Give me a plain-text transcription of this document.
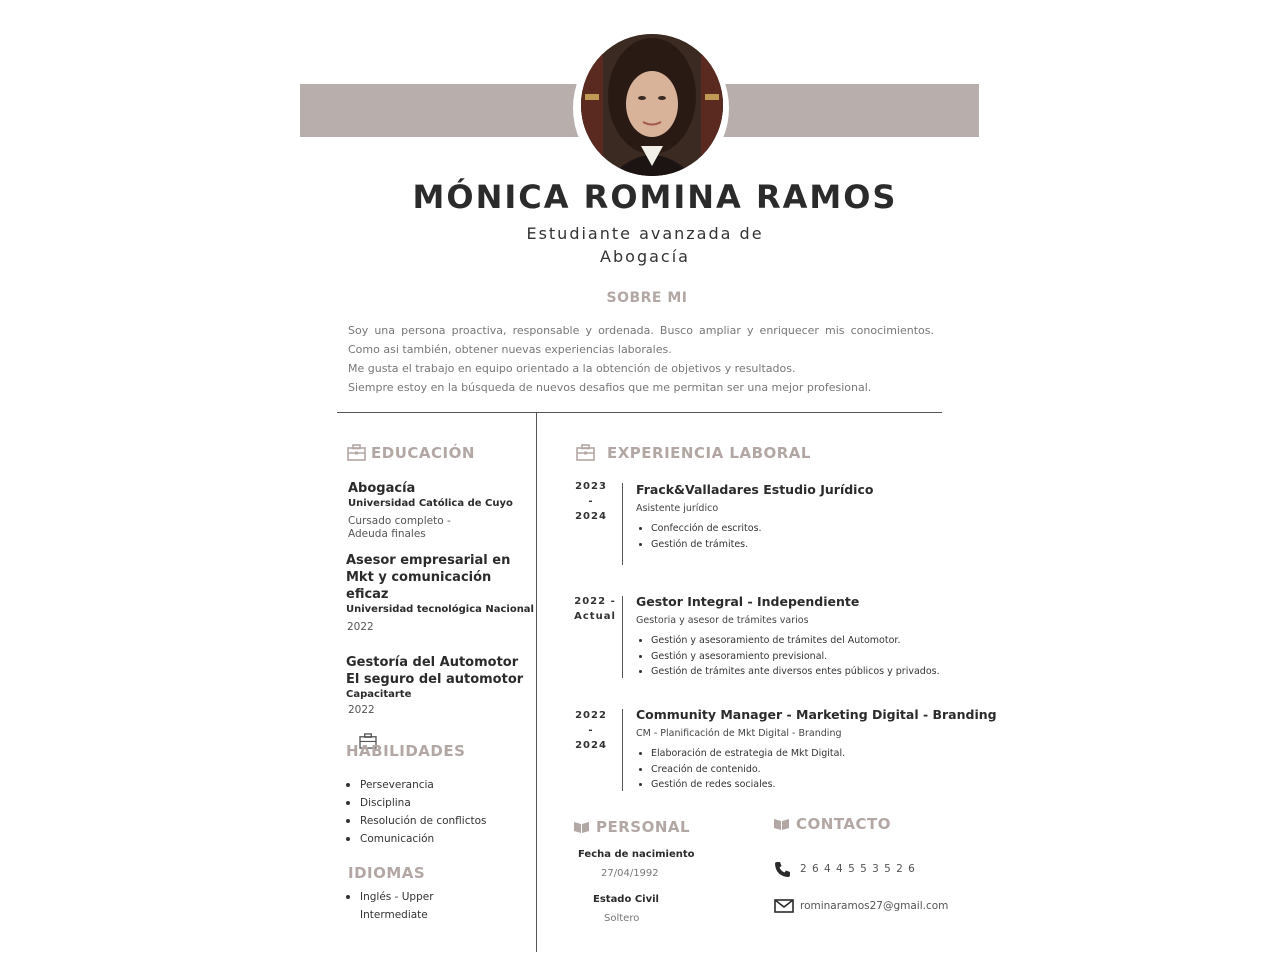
MÓNICA ROMINA RAMOS
Estudiante avanzada de
Abogacía
SOBRE MI

Soy una persona proactiva, responsable y ordenada. Busco ampliar y enriquecer mis conocimientos. Como asi también, obtener nuevas experiencias laborales.

Me gusta el trabajo en equipo orientado a la obtención de objetivos y resultados.

Siempre estoy en la búsqueda de nuevos desafios que me permitan ser una mejor profesional.

EDUCACIÓN
Abogacía
Universidad Católica de Cuyo
Cursado completo -
Adeuda finales
Asesor empresarial en
Mkt y comunicación
eficaz
Universidad tecnológica Nacional
2022
Gestoría del Automotor
El seguro del automotor
Capacitarte
2022
HABILIDADES
Perseverancia
Disciplina
Resolución de conflictos
Comunicación
IDIOMAS
Inglés - Upper
Intermediate
EXPERIENCIA LABORAL
2023
-
2024
Frack&Valladares Estudio Jurídico
Asistente jurídico
Confección de escritos.
Gestión de trámites.
2022 -
Actual
Gestor Integral - Independiente
Gestoria y asesor de trámites varios
Gestión y asesoramiento de trámites del Automotor.
Gestión y asesoramiento previsional.
Gestión de trámites ante diversos entes públicos y privados.
2022
-
2024
Community Manager - Marketing Digital - Branding
CM - Planificación de Mkt Digital - Branding
Elaboración de estrategia de Mkt Digital.
Creación de contenido.
Gestión de redes sociales.
PERSONAL
Fecha de nacimiento
27/04/1992
Estado Civil
Soltero
CONTACTO
2 6 4 4 5 5 3 5 2 6
rominaramos27@gmail.com
